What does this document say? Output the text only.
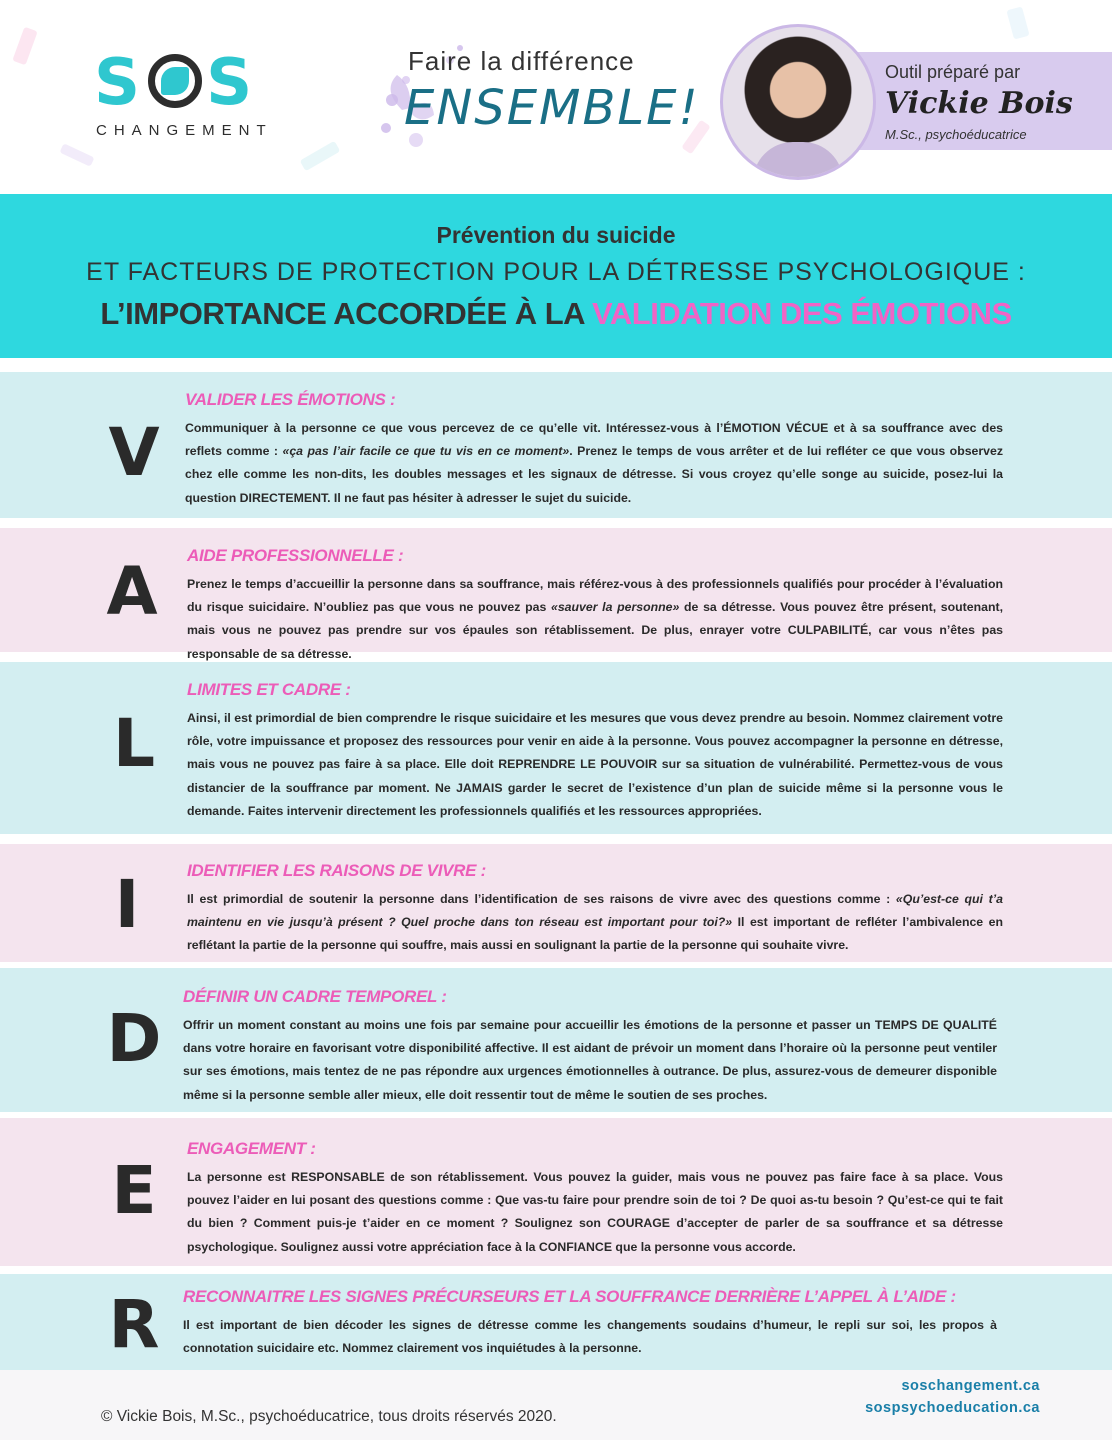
S S
CHANGEMENT
Faire la différence
ENSEMBLE!
Outil préparé par
Vickie Bois
M.Sc., psychoéducatrice
Prévention du suicide
ET FACTEURS DE PROTECTION POUR LA DÉTRESSE PSYCHOLOGIQUE :
L’IMPORTANCE ACCORDÉE À LA VALIDATION DES ÉMOTIONS
V
VALIDER LES ÉMOTIONS :
Communiquer à la personne ce que vous percevez de ce qu’elle vit. Intéressez-vous à l’ÉMOTION VÉCUE et à sa souffrance avec des reflets comme : «ça pas l’air facile ce que tu vis en ce moment». Prenez le temps de vous arrêter et de lui refléter ce que vous observez chez elle comme les non-dits, les doubles messages et les signaux de détresse. Si vous croyez qu’elle songe au suicide, posez-lui la question DIRECTEMENT. Il ne faut pas hésiter à adresser le sujet du suicide.
A AIDE PROFESSIONNELLE :
Prenez le temps d’accueillir la personne dans sa souffrance, mais référez-vous à des professionnels qualifiés pour procéder à l’évaluation du risque suicidaire. N’oubliez pas que vous ne pouvez pas «sauver la personne» de sa détresse. Vous pouvez être présent, soutenant, mais vous ne pouvez pas prendre sur vos épaules son rétablissement. De plus, enrayer votre CULPABILITÉ, car vous n’êtes pas responsable de sa détresse.
L
LIMITES ET CADRE :
Ainsi, il est primordial de bien comprendre le risque suicidaire et les mesures que vous devez prendre au besoin. Nommez clairement votre rôle, votre impuissance et proposez des ressources pour venir en aide à la personne. Vous pouvez accompagner la personne en détresse, mais vous ne pouvez pas faire à sa place. Elle doit REPRENDRE LE POUVOIR sur sa situation de vulnérabilité. Permettez-vous de vous distancier de la souffrance par moment. Ne JAMAIS garder le secret de l’existence d’un plan de suicide même si la personne vous le demande. Faites intervenir directement les professionnels qualifiés et les ressources appropriées.
I	IDENTIFIER LES RAISONS DE VIVRE :
Il est primordial de soutenir la personne dans l’identification de ses raisons de vivre avec des questions comme : «Qu’est-ce qui t’a maintenu en vie jusqu’à présent ? Quel proche dans ton réseau est important pour toi?» Il est important de refléter l’ambivalence en reflétant la partie de la personne qui souffre, mais aussi en soulignant la partie de la personne qui souhaite vivre.
D
DÉFINIR UN CADRE TEMPOREL :
Offrir un moment constant au moins une fois par semaine pour accueillir les émotions de la personne et passer un TEMPS DE QUALITÉ dans votre horaire en favorisant votre disponibilité affective. Il est aidant de prévoir un moment dans l’horaire où la personne peut ventiler sur ses émotions, mais tentez de ne pas répondre aux urgences émotionnelles à outrance. De plus, assurez-vous de demeurer disponible même si la personne semble aller mieux, elle doit ressentir tout de même le soutien de ses proches.
E
ENGAGEMENT :
La personne est RESPONSABLE de son rétablissement. Vous pouvez la guider, mais vous ne pouvez pas faire face à sa place. Vous pouvez l’aider en lui posant des questions comme : Que vas-tu faire pour prendre soin de toi ? De quoi as-tu besoin ? Qu’est-ce qui te fait du bien ? Comment puis-je t’aider en ce moment ? Soulignez son COURAGE d’accepter de parler de sa souffrance et sa détresse psychologique. Soulignez aussi votre appréciation face à la CONFIANCE que la personne vous accorde.
R RECONNAITRE LES SIGNES PRÉCURSEURS ET LA SOUFFRANCE DERRIÈRE L’APPEL À L’AIDE :
Il est important de bien décoder les signes de détresse comme les changements soudains d’humeur, le repli sur soi, les propos à connotation suicidaire etc. Nommez clairement vos inquiétudes à la personne.
© Vickie Bois, M.Sc., psychoéducatrice, tous droits réservés 2020.
soschangement.ca
sospsychoeducation.ca
